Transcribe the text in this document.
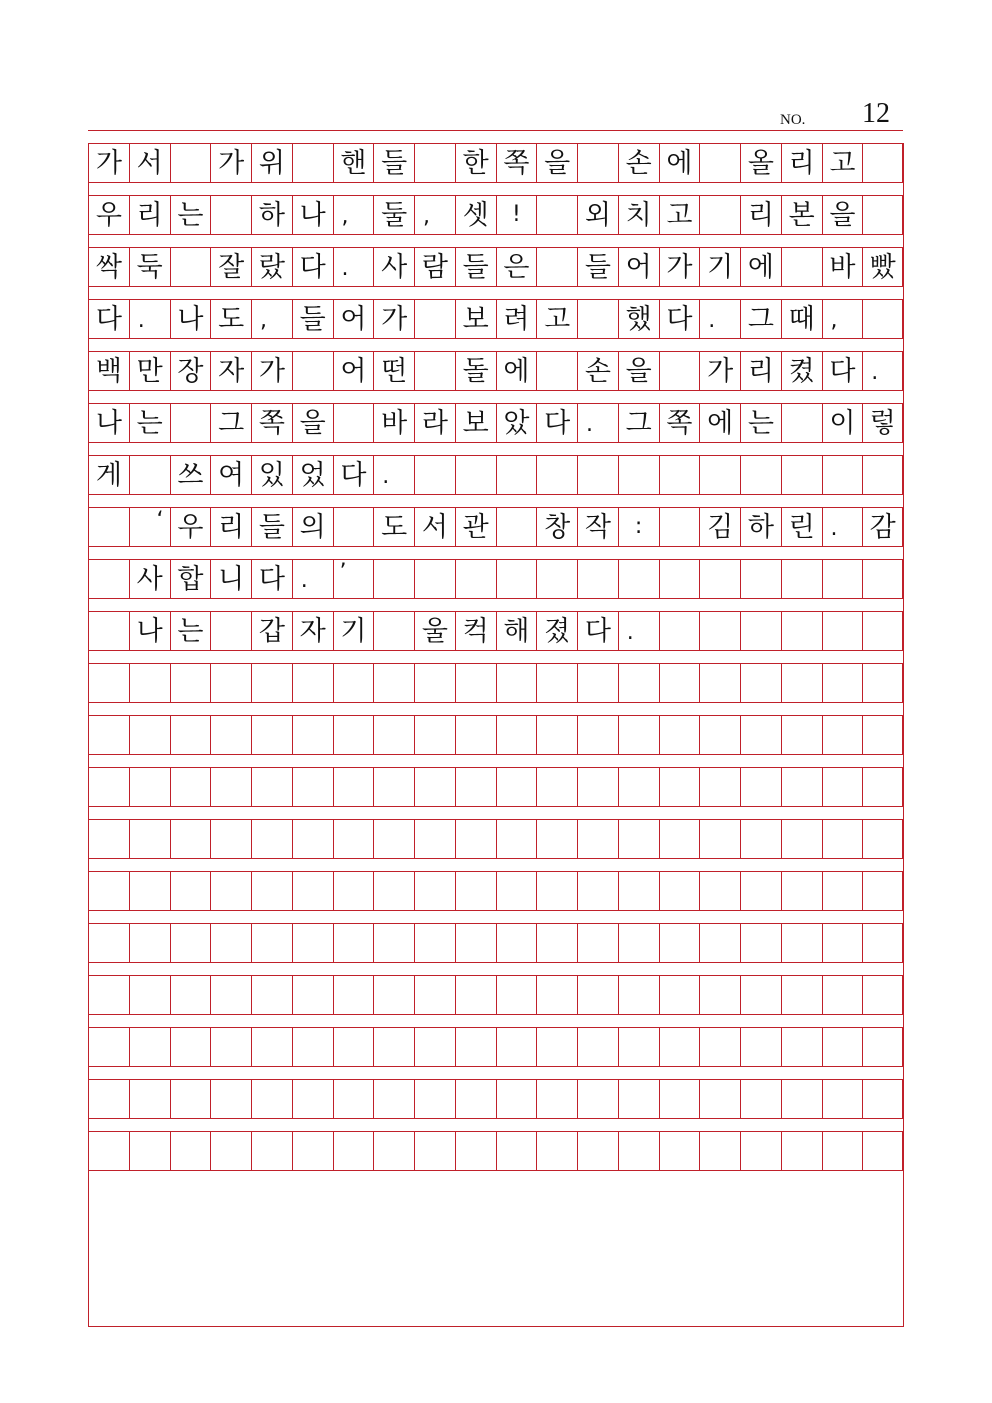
NO. 12
가 서 가 위 핸 들 한 쪽 을 손 에 올 리 고
우 리 는 하 나 ,	둘 ,	셋	!	외 치 고 리 본 을
싹 둑 잘 랐 다 .	사 람 들 은 들 어 가 기 에 바 빴
다 .	나 도 ,	들 어 가 보 려 고 했 다 .	그 때 ,
백 만 장 자 가 어 떤 돌 에 손 을 가 리 켰 다 .
나 는 그 쪽 을 바 라 보 았 다 .	그 쪽 에 는 이 렇
게 쓰 여 있 었 다 .
‘ 우 리 들 의 도 서 관 창 작	:	김 하 린 .	감
사 합 니 다 .	’
나 는 갑 자 기 울 컥 해 졌 다 .
